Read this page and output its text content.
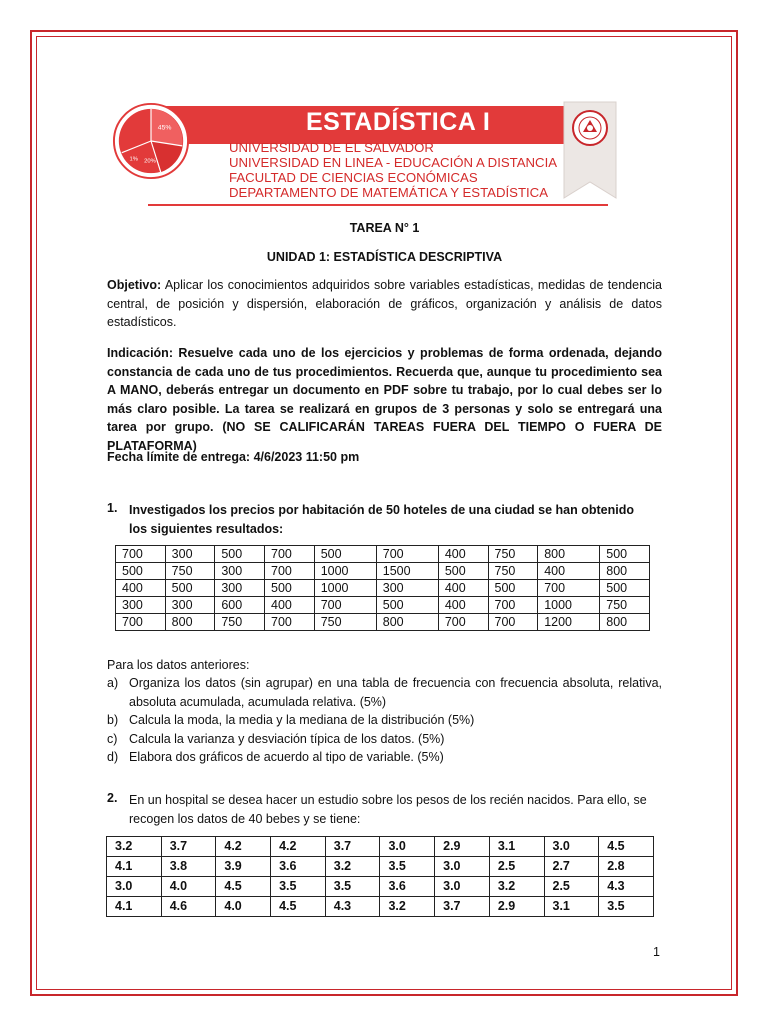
ESTADÍSTICA I
UNIVERSIDAD DE EL SALVADOR
UNIVERSIDAD EN LINEA - EDUCACIÓN A DISTANCIA
FACULTAD DE CIENCIAS ECONÓMICAS
DEPARTAMENTO DE MATEMÁTICA Y ESTADÍSTICA
45%
1% 20%
TAREA N° 1
UNIDAD 1: ESTADÍSTICA DESCRIPTIVA
Objetivo: Aplicar los conocimientos adquiridos sobre variables estadísticas, medidas de tendencia central, de posición y dispersión, elaboración de gráficos, organización y análisis de datos estadísticos.
Indicación: Resuelve cada uno de los ejercicios y problemas de forma ordenada, dejando constancia de cada uno de tus procedimientos. Recuerda que, aunque tu procedimiento sea A MANO, deberás entregar un documento en PDF sobre tu trabajo, por lo cual debes ser lo más claro posible. La tarea se realizará en grupos de 3 personas y solo se entregará una tarea por grupo. (NO SE CALIFICARÁN TAREAS FUERA DEL TIEMPO O FUERA DE PLATAFORMA)
Fecha límite de entrega: 4/6/2023 11:50 pm
1. Investigados los precios por habitación de 50 hoteles de una ciudad se han obtenido los siguientes resultados:
700	300	500	700	500	700	400	750	800	500
500	750	300	700	1000	1500	500	750	400	800
400	500	300	500	1000	300	400	500	700	500
300	300	600	400	700	500	400	700	1000	750
700	800	750	700	750	800	700	700	1200	800
Para los datos anteriores:
a) Organiza los datos (sin agrupar) en una tabla de frecuencia con frecuencia absoluta, relativa, absoluta acumulada, acumulada relativa. (5%)
b) Calcula la moda, la media y la mediana de la distribución (5%)
c) Calcula la varianza y desviación típica de los datos. (5%)
d) Elabora dos gráficos de acuerdo al tipo de variable. (5%)
2. En un hospital se desea hacer un estudio sobre los pesos de los recién nacidos. Para ello, se recogen los datos de 40 bebes y se tiene:
3.2	3.7	4.2	4.2	3.7	3.0	2.9	3.1	3.0	4.5
4.1	3.8	3.9	3.6	3.2	3.5	3.0	2.5	2.7	2.8
3.0	4.0	4.5	3.5	3.5	3.6	3.0	3.2	2.5	4.3
4.1	4.6	4.0	4.5	4.3	3.2	3.7	2.9	3.1	3.5
1
